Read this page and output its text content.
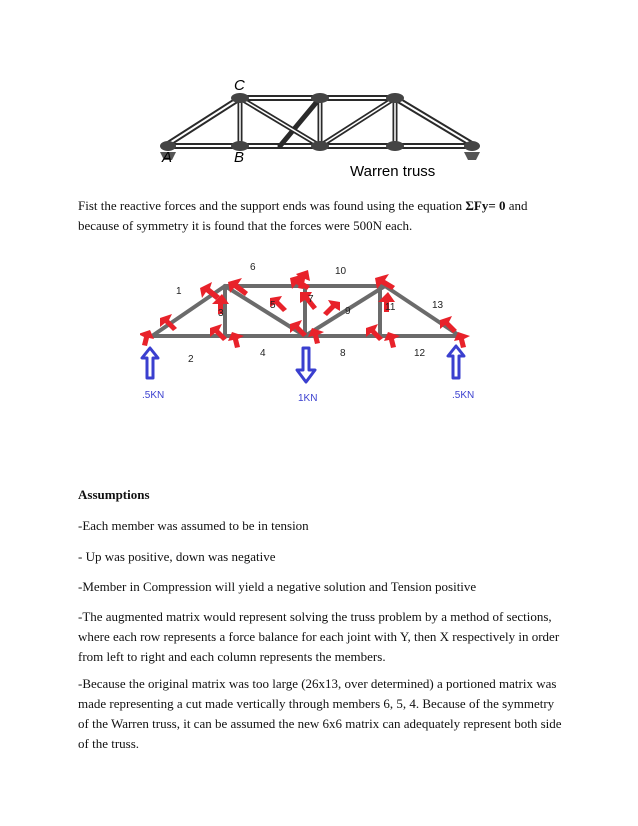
C
A	B
Warren truss

Fist the reactive forces and the support ends was found using the equation ΣFy= 0 and because of symmetry it is found that the forces were 500N each.

1
2
3
4
5
6
7
8
9
10
11
12
13
.5KN	1KN	.5KN

Assumptions

-Each member was assumed to be in tension

- Up was positive, down was negative

-Member in Compression will yield a negative solution and Tension positive

-The augmented matrix would represent solving the truss problem by a method of sections, where each row represents a force balance for each joint with Y, then X respectively in order from left to right and each column represents the members.

-Because the original matrix was too large (26x13, over determined) a portioned matrix was made representing a cut made vertically through members 6, 5, 4. Because of the symmetry of the Warren truss, it can be assumed the new 6x6 matrix can adequately represent both side of the truss.
